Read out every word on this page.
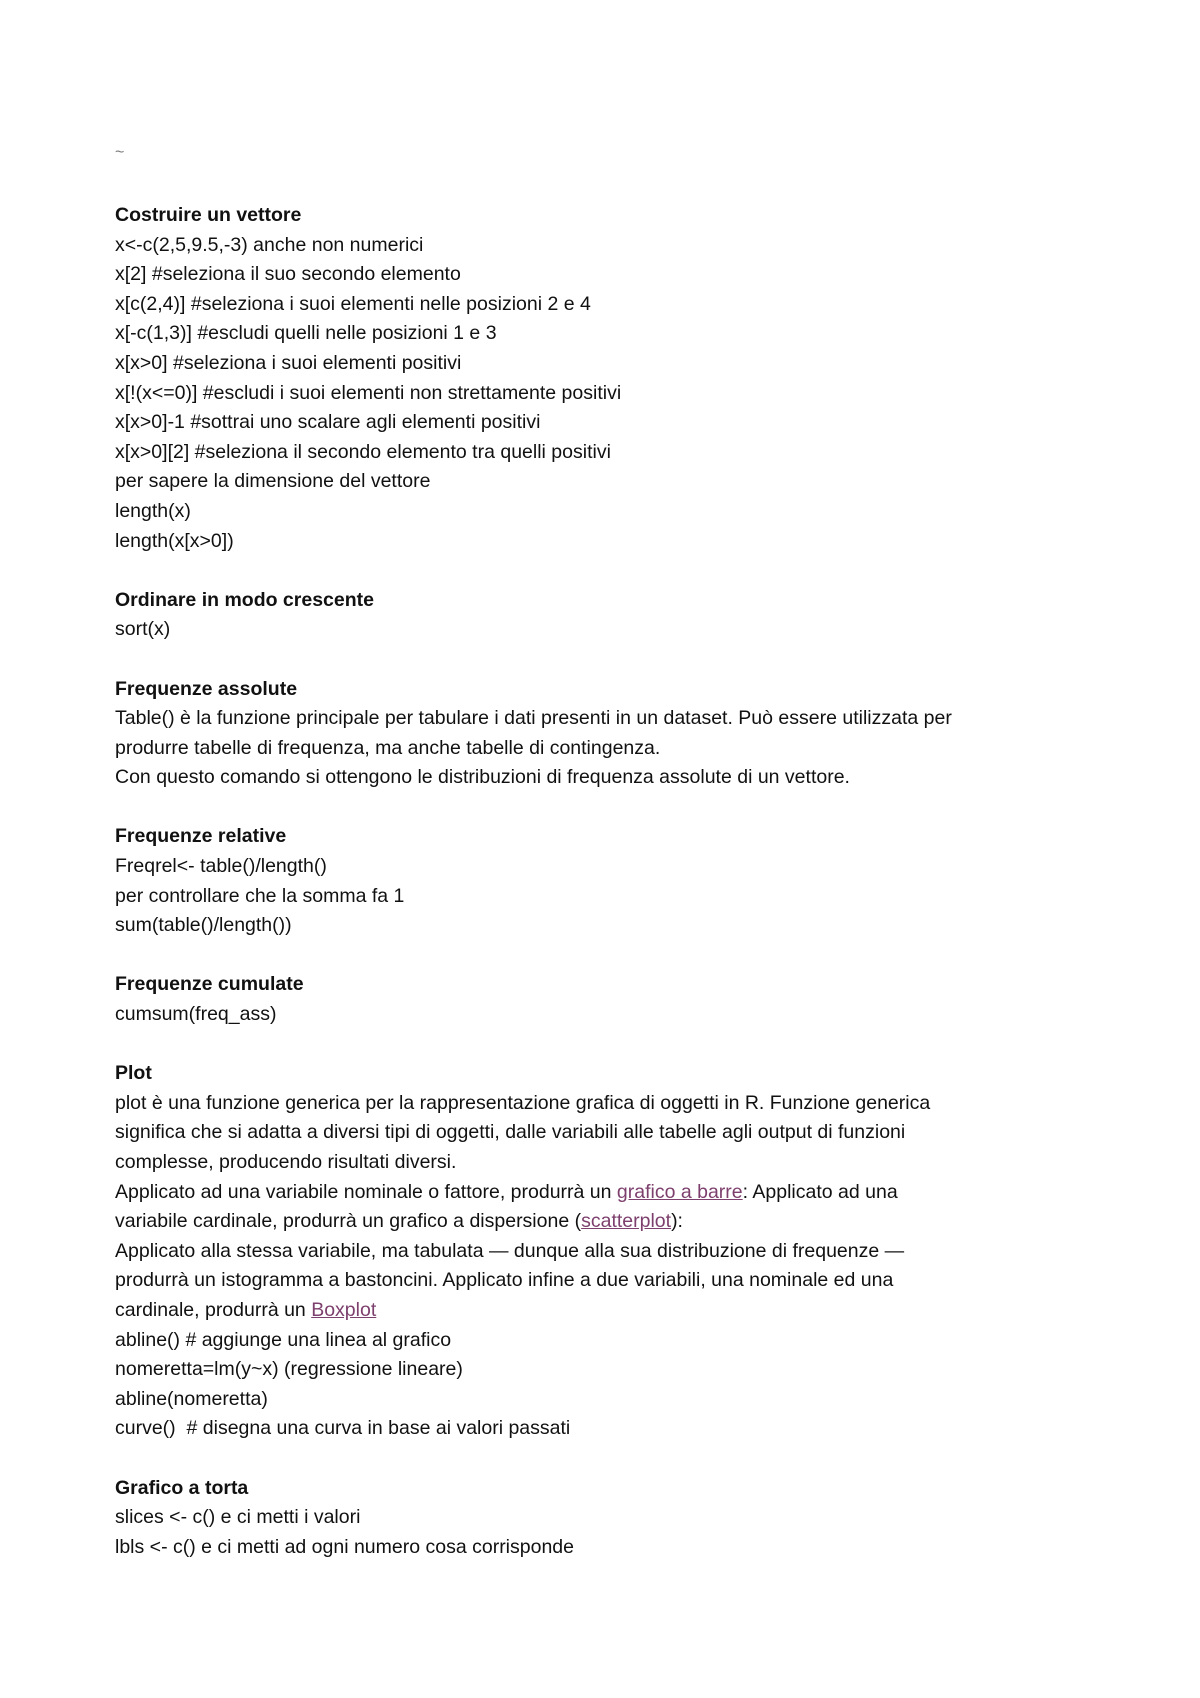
~
Costruire un vettore
x<-c(2,5,9.5,-3) anche non numerici
x[2] #seleziona il suo secondo elemento
x[c(2,4)] #seleziona i suoi elementi nelle posizioni 2 e 4
x[-c(1,3)] #escludi quelli nelle posizioni 1 e 3
x[x>0] #seleziona i suoi elementi positivi
x[!(x<=0)] #escludi i suoi elementi non strettamente positivi
x[x>0]-1 #sottrai uno scalare agli elementi positivi
x[x>0][2] #seleziona il secondo elemento tra quelli positivi
per sapere la dimensione del vettore
length(x)
length(x[x>0])
Ordinare in modo crescente
sort(x)
Frequenze assolute
Table() è la funzione principale per tabulare i dati presenti in un dataset. Può essere utilizzata per
produrre tabelle di frequenza, ma anche tabelle di contingenza.
Con questo comando si ottengono le distribuzioni di frequenza assolute di un vettore.
Frequenze relative
Freqrel<- table()/length()
per controllare che la somma fa 1
sum(table()/length())
Frequenze cumulate
cumsum(freq_ass)
Plot
plot è una funzione generica per la rappresentazione grafica di oggetti in R. Funzione generica
significa che si adatta a diversi tipi di oggetti, dalle variabili alle tabelle agli output di funzioni
complesse, producendo risultati diversi.
Applicato ad una variabile nominale o fattore, produrrà un grafico a barre: Applicato ad una
variabile cardinale, produrrà un grafico a dispersione (scatterplot):
Applicato alla stessa variabile, ma tabulata — dunque alla sua distribuzione di frequenze —
produrrà un istogramma a bastoncini. Applicato infine a due variabili, una nominale ed una
cardinale, produrrà un Boxplot
abline() # aggiunge una linea al grafico
nomeretta=lm(y~x) (regressione lineare)
abline(nomeretta)
curve()  # disegna una curva in base ai valori passati
Grafico a torta
slices <- c() e ci metti i valori
lbls <- c() e ci metti ad ogni numero cosa corrisponde
